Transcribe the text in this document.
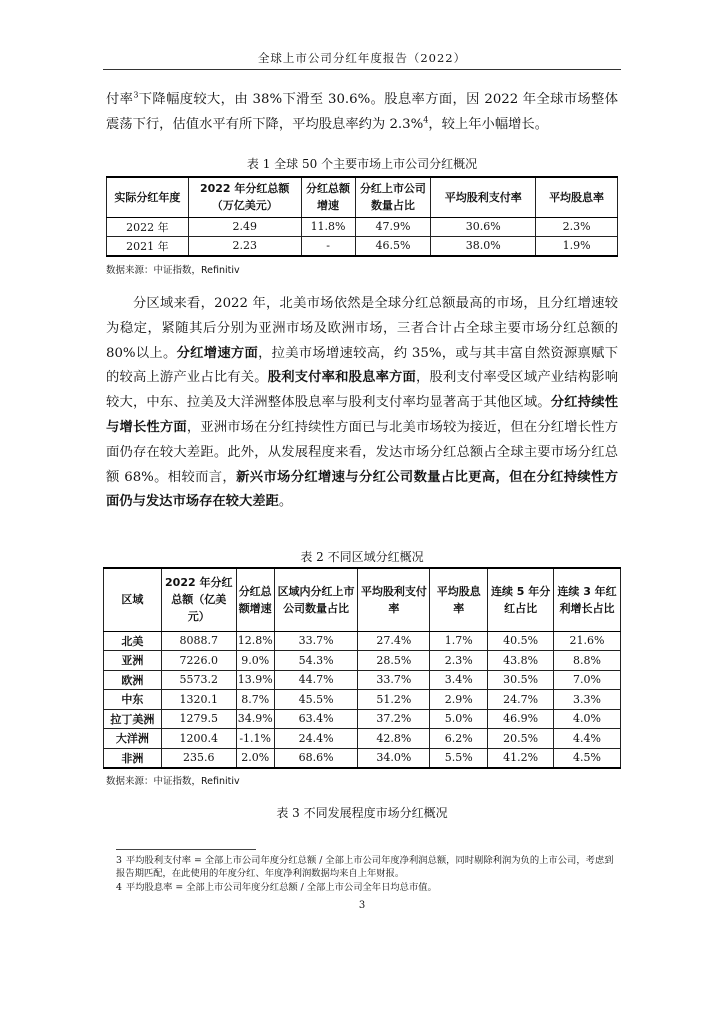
全球上市公司分红年度报告（2022）

付率$^3$下降幅度较大，由 38%下滑至 30.6%。股息率方面，因 2022 年全球市场整体震荡下行，估值水平有所下降，平均股息率约为 2.3%$^4$，较上年小幅增长。

表 1 全球 50 个主要市场上市公司分红概况
实际分红年度	2022 年分红总额（万亿美元）	分红总额增速	分红上市公司数量占比	平均股利支付率	平均股息率
2022 年	2.49	11.8%	47.9%	30.6%	2.3%
2021 年	2.23	-	46.5%	38.0%	1.9%
数据来源：中证指数，Refinitiv

分区域来看，2022 年，北美市场依然是全球分红总额最高的市场，且分红增速较为稳定，紧随其后分别为亚洲市场及欧洲市场，三者合计占全球主要市场分红总额的 80%以上。分红增速方面，拉美市场增速较高，约 35%，或与其丰富自然资源禀赋下的较高上游产业占比有关。股利支付率和股息率方面，股利支付率受区域产业结构影响较大，中东、拉美及大洋洲整体股息率与股利支付率均显著高于其他区域。分红持续性与增长性方面，亚洲市场在分红持续性方面已与北美市场较为接近，但在分红增长性方面仍存在较大差距。此外，从发展程度来看，发达市场分红总额占全球主要市场分红总额 68%。相较而言，新兴市场分红增速与分红公司数量占比更高，但在分红持续性方面仍与发达市场存在较大差距。

表 2 不同区域分红概况
区域	2022 年分红总额（亿美元）	分红总额增速	区域内分红上市公司数量占比	平均股利支付率	平均股息率	连续 5 年分红占比	连续 3 年红利增长占比
北美	8088.7	12.8%	33.7%	27.4%	1.7%	40.5%	21.6%
亚洲	7226.0	9.0%	54.3%	28.5%	2.3%	43.8%	8.8%
欧洲	5573.2	13.9%	44.7%	33.7%	3.4%	30.5%	7.0%
中东	1320.1	8.7%	45.5%	51.2%	2.9%	24.7%	3.3%
拉丁美洲	1279.5	34.9%	63.4%	37.2%	5.0%	46.9%	4.0%
大洋洲	1200.4	-1.1%	24.4%	42.8%	6.2%	20.5%	4.4%
非洲	235.6	2.0%	68.6%	34.0%	5.5%	41.2%	4.5%
数据来源：中证指数，Refinitiv
表 3 不同发展程度市场分红概况

3 平均股利支付率 = 全部上市公司年度分红总额 / 全部上市公司年度净利润总额，同时剔除利润为负的上市公司，考虑到报告期匹配，在此使用的年度分红、年度净利润数据均来自上年财报。

4 平均股息率 = 全部上市公司年度分红总额 / 全部上市公司全年日均总市值。

3
